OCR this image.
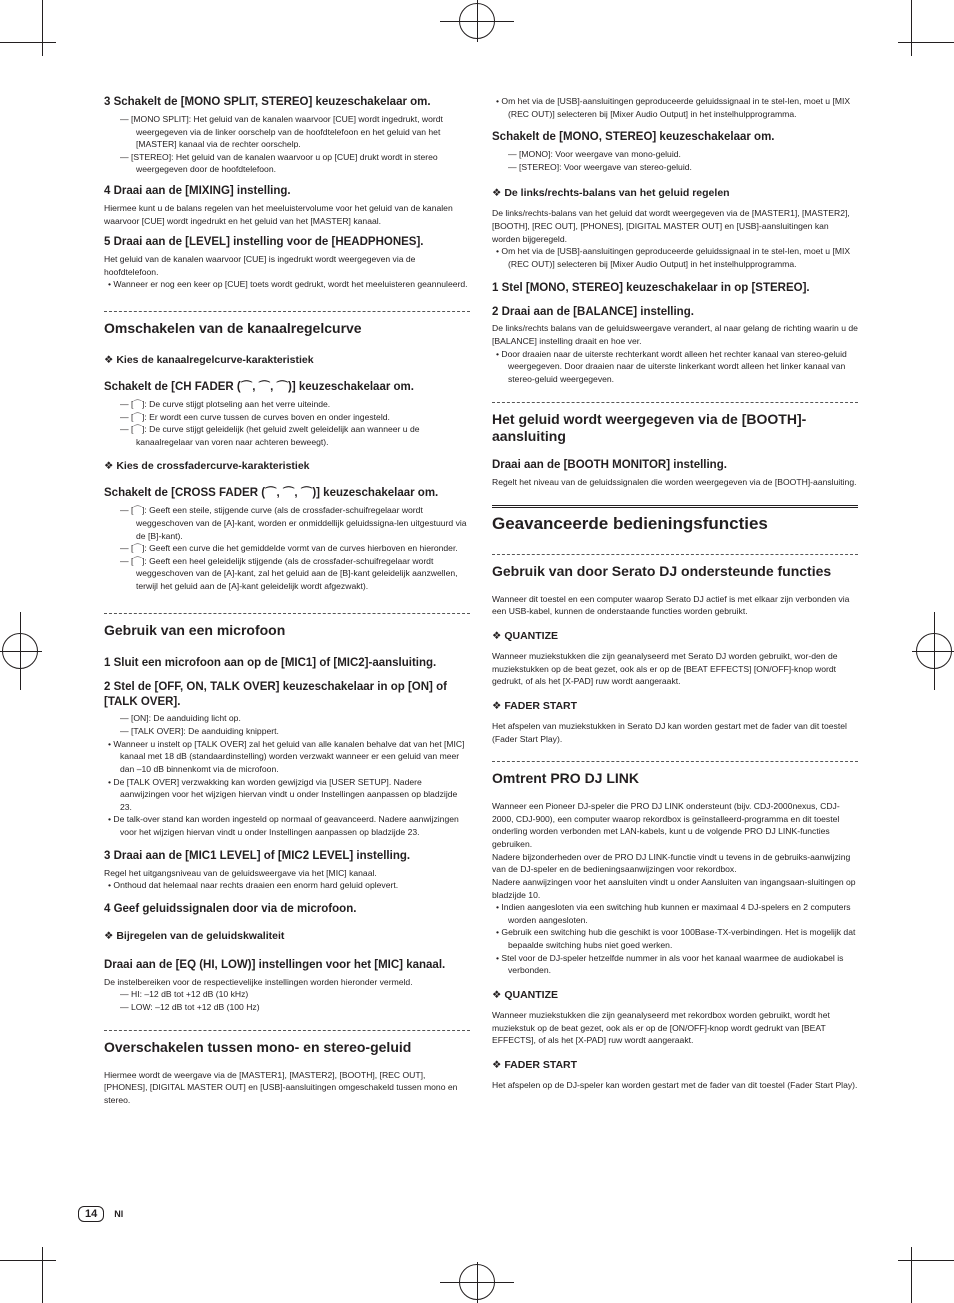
3 Schakelt de [MONO SPLIT, STEREO] keuzeschakelaar om.

— [MONO SPLIT]: Het geluid van de kanalen waarvoor [CUE] wordt ingedrukt, wordt weergegeven via de linker oorschelp van de hoofdtelefoon en het geluid van het [MASTER] kanaal via de rechter oorschelp.

— [STEREO]: Het geluid van de kanalen waarvoor u op [CUE] drukt wordt in stereo weergegeven door de hoofdtelefoon.

4 Draai aan de [MIXING] instelling.

Hiermee kunt u de balans regelen van het meeluistervolume voor het geluid van de kanalen waarvoor [CUE] wordt ingedrukt en het geluid van het [MASTER] kanaal.

5 Draai aan de [LEVEL] instelling voor de [HEADPHONES].

Het geluid van de kanalen waarvoor [CUE] is ingedrukt wordt weergegeven via de hoofdtelefoon.

• Wanneer er nog een keer op [CUE] toets wordt gedrukt, wordt het meeluisteren geannuleerd.

Omschakelen van de kanaalregelcurve

❖ Kies de kanaalregelcurve-karakteristiek

Schakelt de [CH FADER (⌒, ⌒, ⌒)] keuzeschakelaar om.

— [⌒]: De curve stijgt plotseling aan het verre uiteinde.

— [⌒]: Er wordt een curve tussen de curves boven en onder ingesteld.

— [⌒]: De curve stijgt geleidelijk (het geluid zwelt geleidelijk aan wanneer u de kanaalregelaar van voren naar achteren beweegt).

❖ Kies de crossfadercurve-karakteristiek

Schakelt de [CROSS FADER (⌒, ⌒, ⌒)] keuzeschakelaar om.

— [⌒]: Geeft een steile, stijgende curve (als de crossfader-schuifregelaar wordt weggeschoven van de [A]-kant, worden er onmiddellijk geluidssigna-len uitgestuurd via de [B]-kant).

— [⌒]: Geeft een curve die het gemiddelde vormt van de curves hierboven en hieronder.

— [⌒]: Geeft een heel geleidelijk stijgende (als de crossfader-schuifregelaar wordt weggeschoven van de [A]-kant, zal het geluid aan de [B]-kant geleidelijk aanzwellen, terwijl het geluid aan de [A]-kant geleidelijk wordt afgezwakt).

Gebruik van een microfoon

1 Sluit een microfoon aan op de [MIC1] of [MIC2]-aansluiting.

2 Stel de [OFF, ON, TALK OVER] keuzeschakelaar in op [ON] of [TALK OVER].

— [ON]: De aanduiding licht op.

— [TALK OVER]: De aanduiding knippert.

• Wanneer u instelt op [TALK OVER] zal het geluid van alle kanalen behalve dat van het [MIC] kanaal met 18 dB (standaardinstelling) worden verzwakt wanneer er een geluid van meer dan –10 dB binnenkomt via de microfoon.

• De [TALK OVER] verzwakking kan worden gewijzigd via [USER SETUP]. Nadere aanwijzingen voor het wijzigen hiervan vindt u onder Instellingen aanpassen op bladzijde 23.

• De talk-over stand kan worden ingesteld op normaal of geavanceerd. Nadere aanwijzingen voor het wijzigen hiervan vindt u onder Instellingen aanpassen op bladzijde 23.

3 Draai aan de [MIC1 LEVEL] of [MIC2 LEVEL] instelling.

Regel het uitgangsniveau van de geluidsweergave via het [MIC] kanaal.

• Onthoud dat helemaal naar rechts draaien een enorm hard geluid oplevert.

4 Geef geluidssignalen door via de microfoon.

❖ Bijregelen van de geluidskwaliteit

Draai aan de [EQ (HI, LOW)] instellingen voor het [MIC] kanaal.

De instelbereiken voor de respectievelijke instellingen worden hieronder vermeld.

— HI: –12 dB tot +12 dB (10 kHz)

— LOW: –12 dB tot +12 dB (100 Hz)

Overschakelen tussen mono- en stereo-geluid

Hiermee wordt de weergave via de [MASTER1], [MASTER2], [BOOTH], [REC OUT], [PHONES], [DIGITAL MASTER OUT] en [USB]-aansluitingen omgeschakeld tussen mono en stereo.

• Om het via de [USB]-aansluitingen geproduceerde geluidssignaal in te stel-len, moet u [MIX (REC OUT)] selecteren bij [Mixer Audio Output] in het instelhulpprogramma.

Schakelt de [MONO, STEREO] keuzeschakelaar om.

— [MONO]: Voor weergave van mono-geluid.

— [STEREO]: Voor weergave van stereo-geluid.

❖ De links/rechts-balans van het geluid regelen

De links/rechts-balans van het geluid dat wordt weergegeven via de [MASTER1], [MASTER2], [BOOTH], [REC OUT], [PHONES], [DIGITAL MASTER OUT] en [USB]-aansluitingen kan worden bijgeregeld.

• Om het via de [USB]-aansluitingen geproduceerde geluidssignaal in te stel-len, moet u [MIX (REC OUT)] selecteren bij [Mixer Audio Output] in het instelhulpprogramma.

1 Stel [MONO, STEREO] keuzeschakelaar in op [STEREO].

2 Draai aan de [BALANCE] instelling.

De links/rechts balans van de geluidsweergave verandert, al naar gelang de richting waarin u de [BALANCE] instelling draait en hoe ver.

• Door draaien naar de uiterste rechterkant wordt alleen het rechter kanaal van stereo-geluid weergegeven. Door draaien naar de uiterste linkerkant wordt alleen het linker kanaal van stereo-geluid weergegeven.

Het geluid wordt weergegeven via de [BOOTH]-aansluiting

Draai aan de [BOOTH MONITOR] instelling.

Regelt het niveau van de geluidssignalen die worden weergegeven via de [BOOTH]-aansluiting.

Geavanceerde bedieningsfuncties

Gebruik van door Serato DJ ondersteunde functies

Wanneer dit toestel en een computer waarop Serato DJ actief is met elkaar zijn verbonden via een USB-kabel, kunnen de onderstaande functies worden gebruikt.

❖ QUANTIZE

Wanneer muziekstukken die zijn geanalyseerd met Serato DJ worden gebruikt, wor-den de muziekstukken op de beat gezet, ook als er op de [BEAT EFFECTS] [ON/OFF]-knop wordt gedrukt, of als het [X-PAD] ruw wordt aangeraakt.

❖ FADER START

Het afspelen van muziekstukken in Serato DJ kan worden gestart met de fader van dit toestel (Fader Start Play).

Omtrent PRO DJ LINK

Wanneer een Pioneer DJ-speler die PRO DJ LINK ondersteunt (bijv. CDJ-2000nexus, CDJ-2000, CDJ-900), een computer waarop rekordbox is geïnstalleerd-programma en dit toestel onderling worden verbonden met LAN-kabels, kunt u de volgende PRO DJ LINK-functies gebruiken.

Nadere bijzonderheden over de PRO DJ LINK-functie vindt u tevens in de gebruiks-aanwijzing van de DJ-speler en de bedieningsaanwijzingen voor rekordbox.

Nadere aanwijzingen voor het aansluiten vindt u onder Aansluiten van ingangsaan-sluitingen op bladzijde 10.

• Indien aangesloten via een switching hub kunnen er maximaal 4 DJ-spelers en 2 computers worden aangesloten.

• Gebruik een switching hub die geschikt is voor 100Base-TX-verbindingen. Het is mogelijk dat bepaalde switching hubs niet goed werken.

• Stel voor de DJ-speler hetzelfde nummer in als voor het kanaal waarmee de audiokabel is verbonden.

❖ QUANTIZE

Wanneer muziekstukken die zijn geanalyseerd met rekordbox worden gebruikt, wordt het muziekstuk op de beat gezet, ook als er op de [ON/OFF]-knop wordt gedrukt van [BEAT EFFECTS], of als het [X-PAD] ruw wordt aangeraakt.

❖ FADER START

Het afspelen op de DJ-speler kan worden gestart met de fader van dit toestel (Fader Start Play).

14	Nl
